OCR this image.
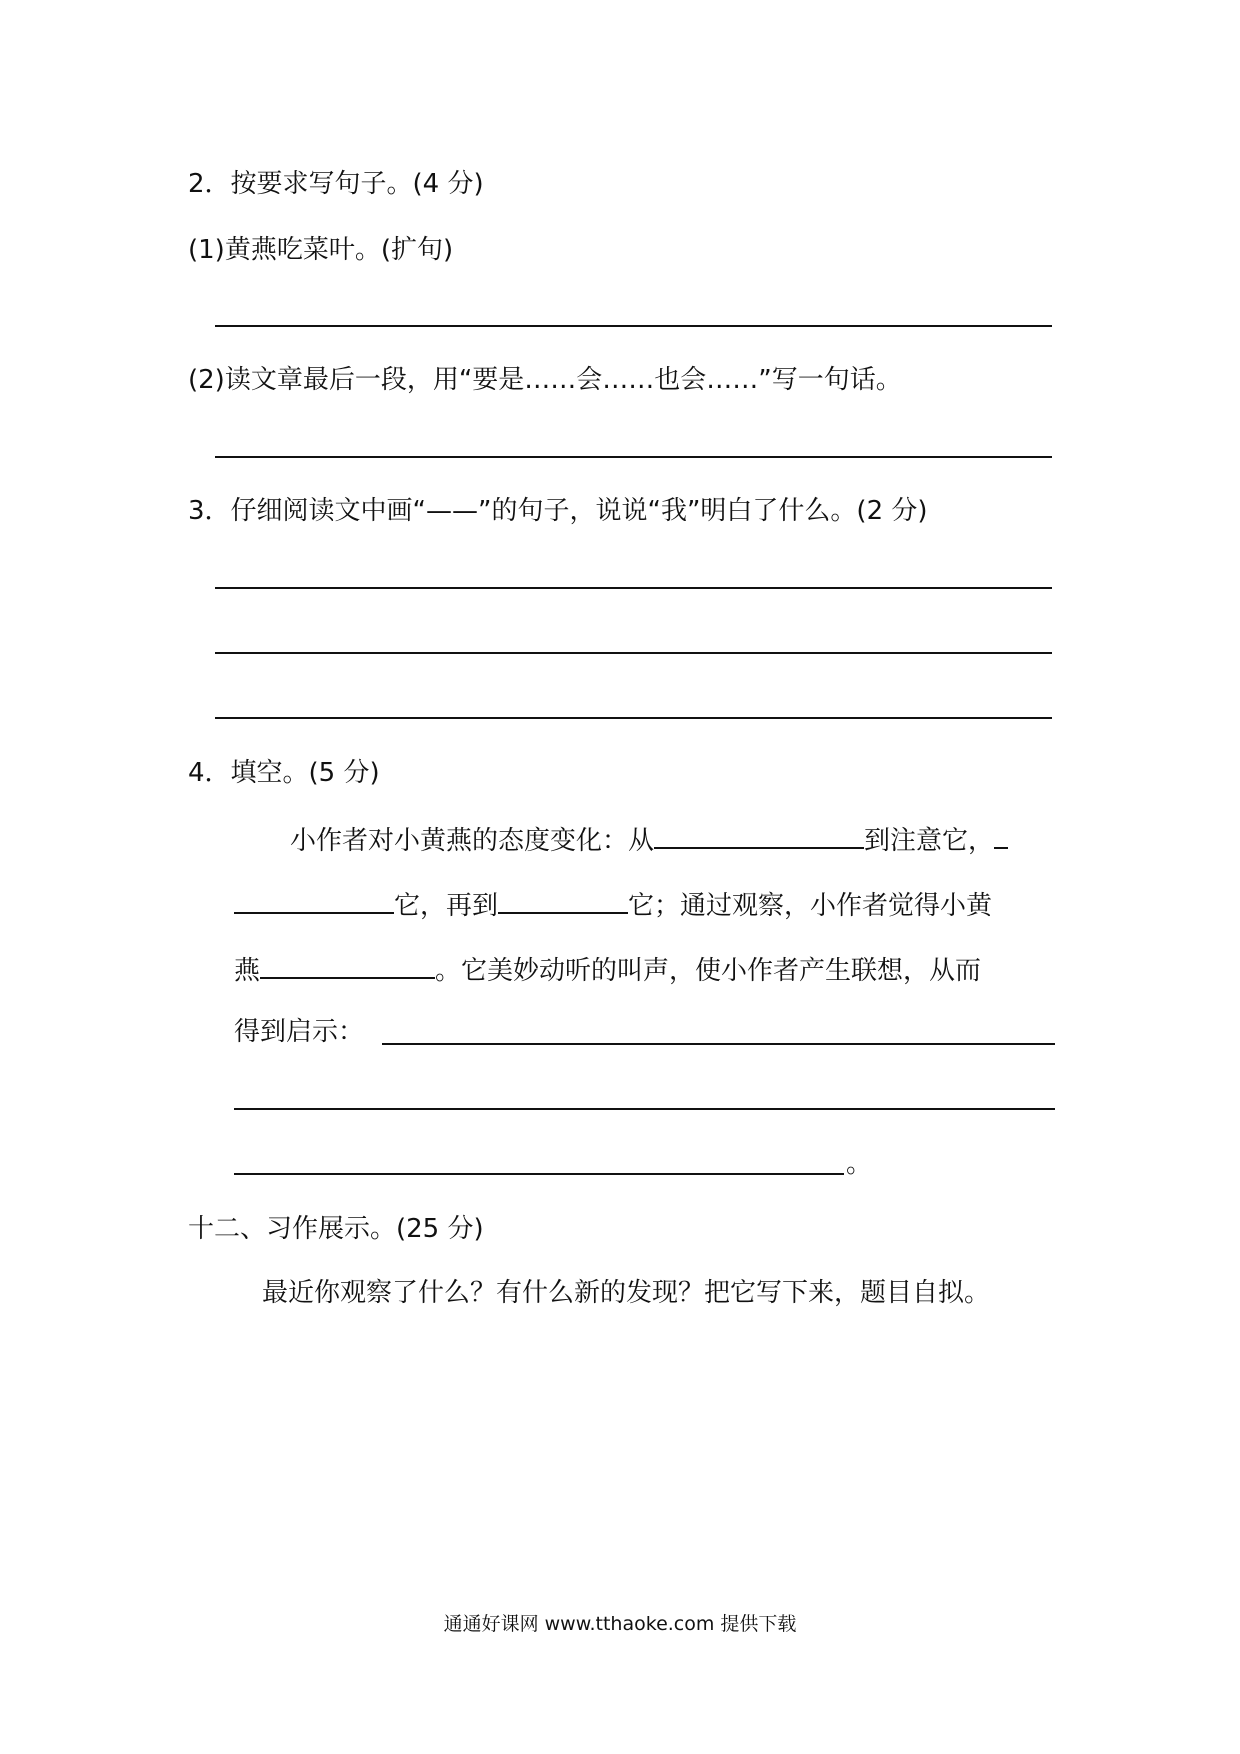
2．按要求写句子。(4 分)
(1)黄燕吃菜叶。(扩句)
(2)读文章最后一段，用“要是……会……也会……”写一句话。
3．仔细阅读文中画“——”的句子，说说“我”明白了什么。(2 分)
4．填空。(5 分)
小作者对小黄燕的态度变化：从	到注意它，
它，再到	它；通过观察，小作者觉得小黄
燕	。它美妙动听的叫声，使小作者产生联想，从而
得到启示：
。
十二、习作展示。(25 分)
最近你观察了什么？有什么新的发现？把它写下来，题目自拟。
通通好课网 www.tthaoke.com 提供下载
